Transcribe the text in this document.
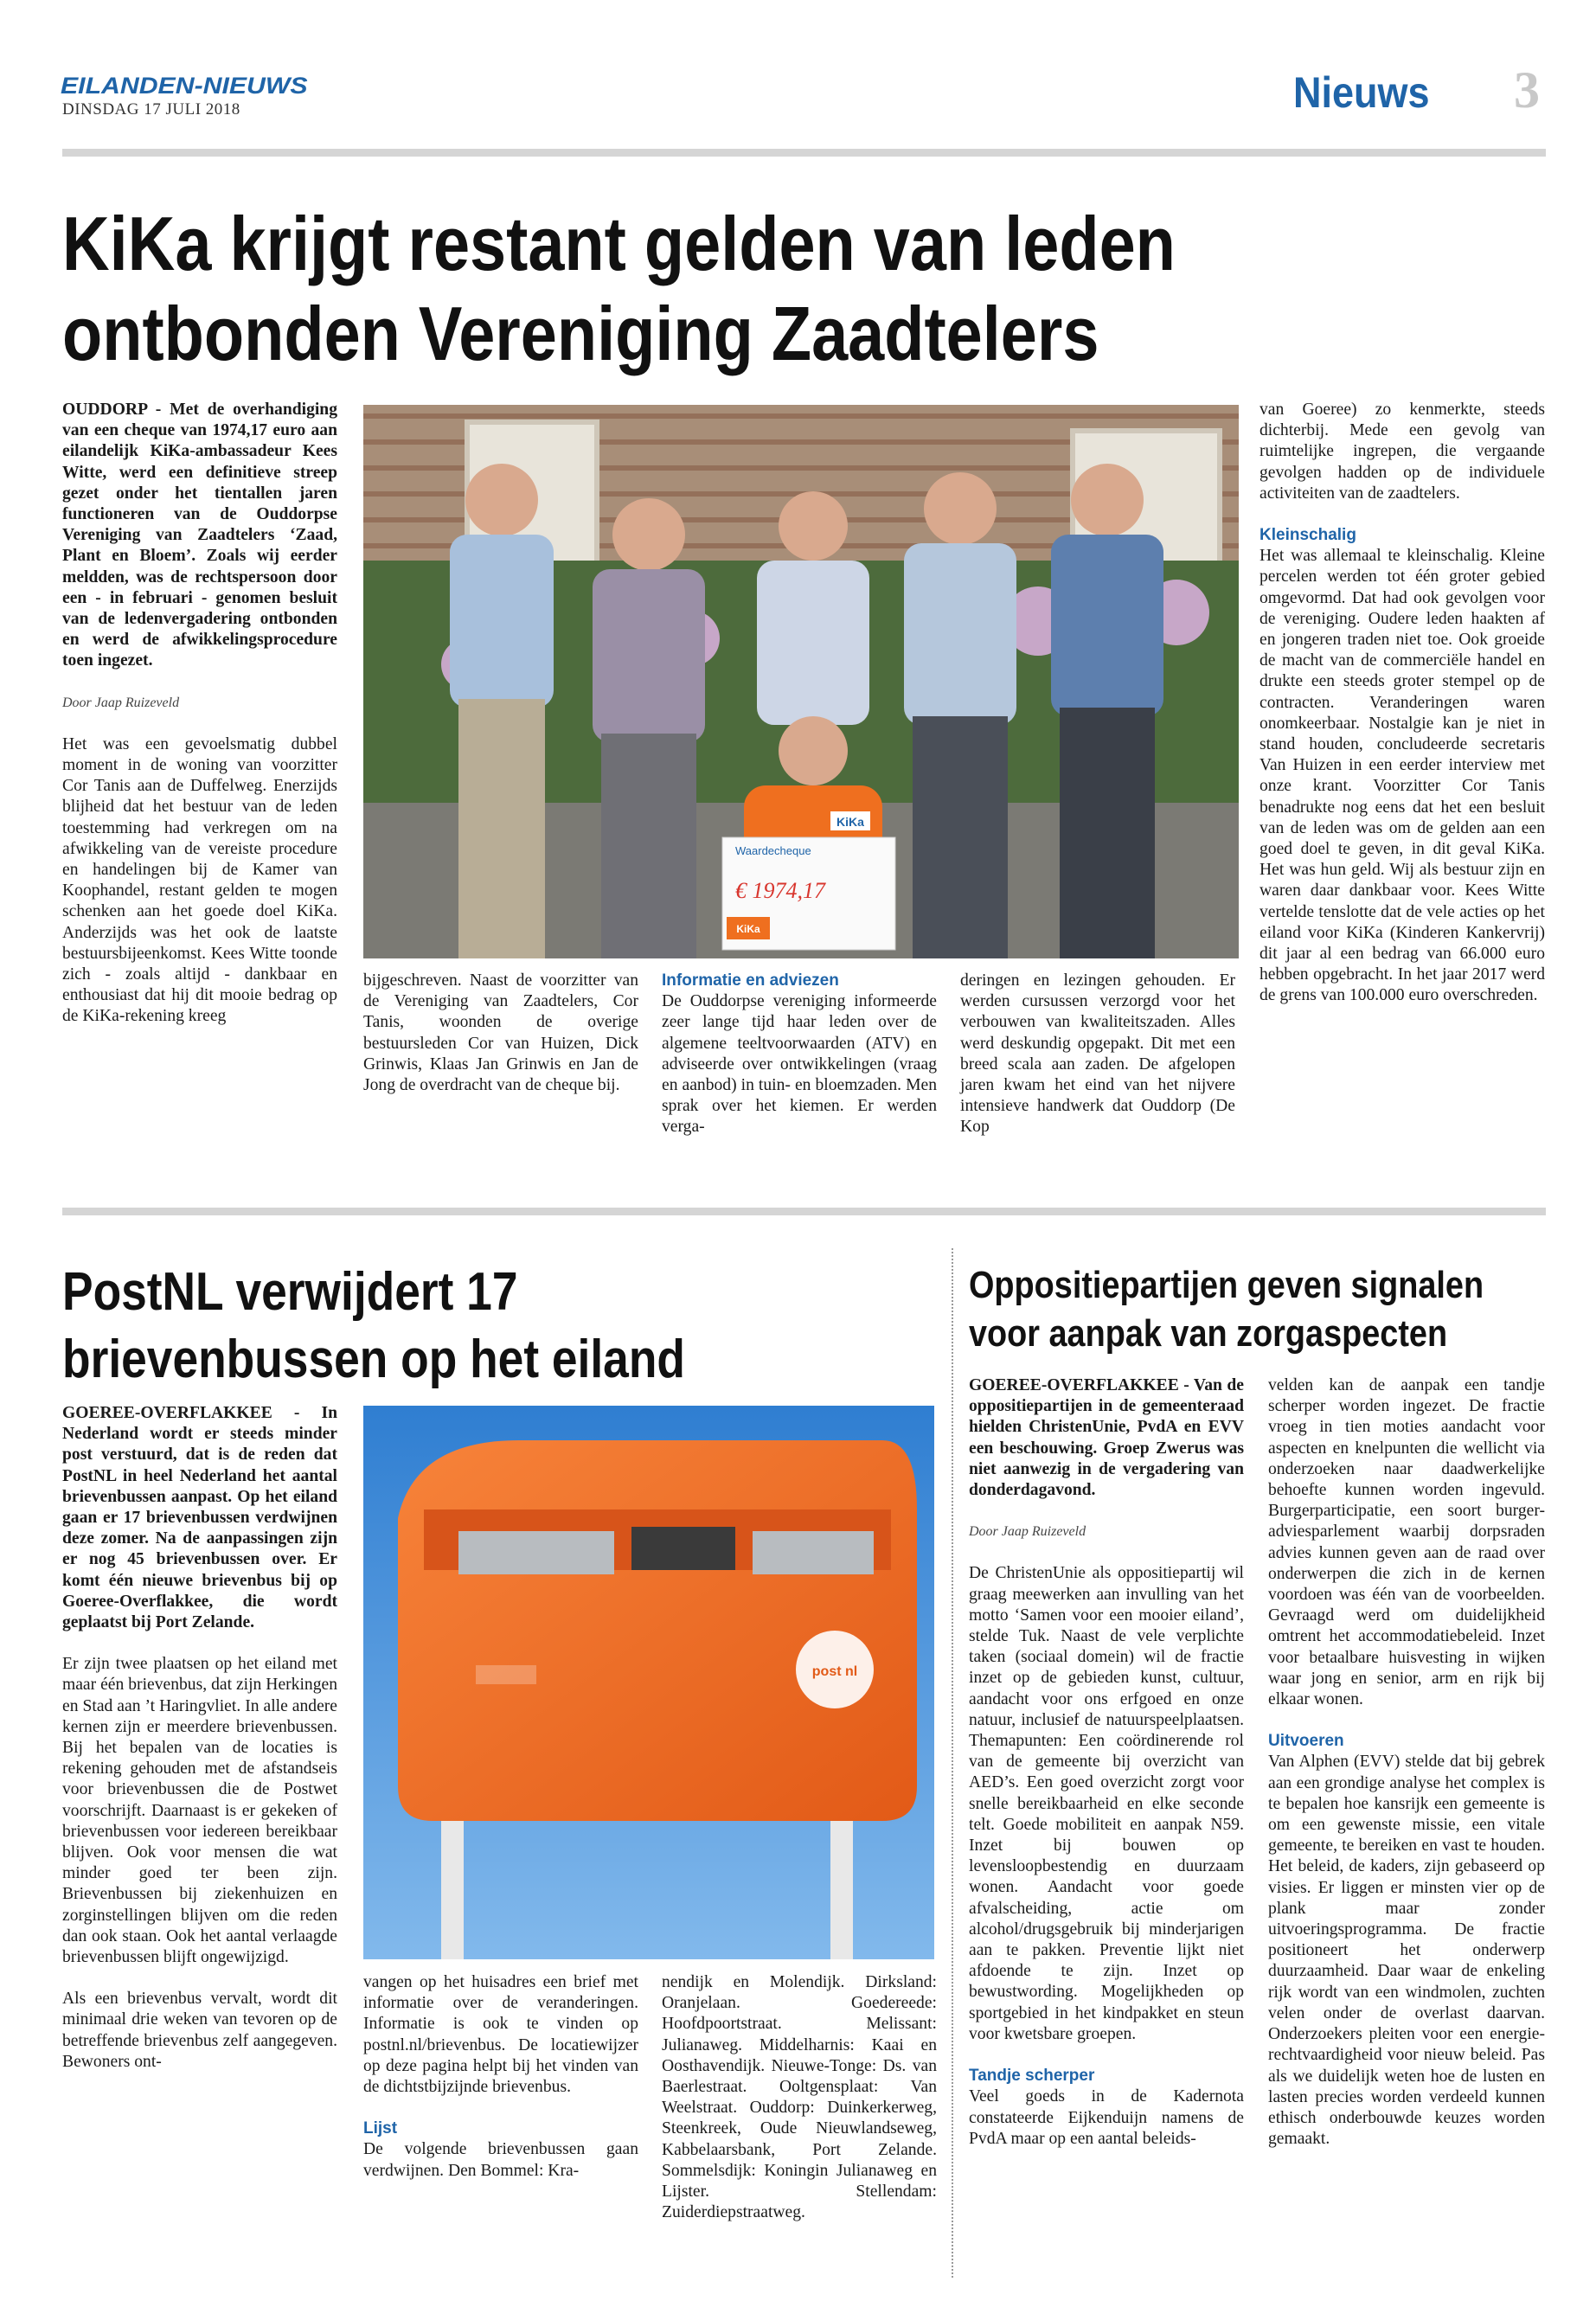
EILANDEN-NIEUWS
DINSDAG 17 JULI 2018	Nieuws 3
KiKa krijgt restant gelden van leden
ontbonden Vereniging Zaadtelers

OUDDORP - Met de overhandiging van een cheque van 1974,17 euro aan eilandelijk KiKa-ambassadeur Kees Witte, werd een definitieve streep gezet onder het tientallen jaren functioneren van de Ouddorpse Vereniging van Zaadtelers ‘Zaad, Plant en Bloem’. Zoals wij eerder meldden, was de rechtspersoon door een - in februari - genomen besluit van de ledenvergadering ontbonden en werd de afwikkelingsprocedure toen ingezet.

Door Jaap Ruizeveld

Het was een gevoelsmatig dubbel moment in de woning van voorzitter Cor Tanis aan de Duffelweg. Enerzijds blijheid dat het bestuur van de leden toestemming had verkregen om na afwikkeling van de vereiste procedure en handelingen bij de Kamer van Koophandel, restant gelden te mogen schenken aan het goede doel KiKa. Anderzijds was het ook de laatste bestuursbijeenkomst. Kees Witte toonde zich - zoals altijd - dankbaar en enthousiast dat hij dit mooie bedrag op de KiKa-rekening kreeg

KiKa
Waardecheque
€ 1974,17
KiKa

bijgeschreven. Naast de voorzitter van de Vereniging van Zaadtelers, Cor Tanis, woonden de overige bestuursleden Cor van Huizen, Dick Grinwis, Klaas Jan Grinwis en Jan de Jong de overdracht van de cheque bij.

Informatie en adviezen

De Ouddorpse vereniging informeerde zeer lange tijd haar leden over de algemene teeltvoorwaarden (ATV) en adviseerde over ontwikkelingen (vraag en aanbod) in tuin- en bloemzaden. Men sprak over het kiemen. Er werden verga-

deringen en lezingen gehouden. Er werden cursussen verzorgd voor het verbouwen van kwaliteitszaden. Alles werd deskundig opgepakt. Dit met een breed scala aan zaden. De afgelopen jaren kwam het eind van het nijvere intensieve handwerk dat Ouddorp (De Kop

van Goeree) zo kenmerkte, steeds dichterbij. Mede een gevolg van ruimtelijke ingrepen, die vergaande gevolgen hadden op de individuele activiteiten van de zaadtelers.

Kleinschalig

Het was allemaal te kleinschalig. Kleine percelen werden tot één groter gebied omgevormd. Dat had ook gevolgen voor de vereniging. Oudere leden haakten af en jongeren traden niet toe. Ook groeide de macht van de commerciële handel en drukte een steeds groter stempel op de contracten. Veranderingen waren onomkeerbaar. Nostalgie kan je niet in stand houden, concludeerde secretaris Van Huizen in een eerder interview met onze krant. Voorzitter Cor Tanis benadrukte nog eens dat het een besluit van de leden was om de gelden aan een goed doel te geven, in dit geval KiKa. Het was hun geld. Wij als bestuur zijn en waren daar dankbaar voor. Kees Witte vertelde tenslotte dat de vele acties op het eiland voor KiKa (Kinderen Kankervrij) dit jaar al een bedrag van 66.000 euro hebben opgebracht. In het jaar 2017 werd de grens van 100.000 euro overschreden.

PostNL verwijdert 17
brievenbussen op het eiland

GOEREE-OVERFLAKKEE - In Nederland wordt er steeds minder post verstuurd, dat is de reden dat PostNL in heel Nederland het aantal brievenbussen aanpast. Op het eiland gaan er 17 brievenbussen verdwijnen deze zomer. Na de aanpassingen zijn er nog 45 brievenbussen over. Er komt één nieuwe brievenbus bij op Goeree-Overflakkee, die wordt geplaatst bij Port Zelande.

Er zijn twee plaatsen op het eiland met maar één brievenbus, dat zijn Herkingen en Stad aan ’t Haringvliet. In alle andere kernen zijn er meerdere brievenbussen. Bij het bepalen van de locaties is rekening gehouden met de afstandseis voor brievenbussen die de Postwet voorschrijft. Daarnaast is er gekeken of brievenbussen voor iedereen bereikbaar blijven. Ook voor mensen die wat minder goed ter been zijn. Brievenbussen bij ziekenhuizen en zorginstellingen blijven om die reden dan ook staan. Ook het aantal verlaagde brievenbussen blijft ongewijzigd.

Als een brievenbus vervalt, wordt dit minimaal drie weken van tevoren op de betreffende brievenbus zelf aangegeven. Bewoners ont-

post nl

vangen op het huisadres een brief met informatie over de veranderingen. Informatie is ook te vinden op postnl.nl/brievenbus. De locatiewijzer op deze pagina helpt bij het vinden van de dichtstbijzijnde brievenbus.

Lijst

De volgende brievenbussen gaan verdwijnen. Den Bommel: Kra-

nendijk en Molendijk. Dirksland: Oranjelaan. Goedereede: Hoofdpoortstraat. Melissant: Julianaweg. Middelharnis: Kaai en Oosthavendijk. Nieuwe-Tonge: Ds. van Baerlestraat. Ooltgensplaat: Van Weelstraat. Ouddorp: Duinkerkerweg, Steenkreek, Oude Nieuwlandseweg, Kabbelaarsbank, Port Zelande. Sommelsdijk: Koningin Julianaweg en Lijster. Stellendam: Zuiderdiepstraatweg.

Oppositiepartijen geven signalen
voor aanpak van zorgaspecten

GOEREE-OVERFLAKKEE - Van de oppositiepartijen in de gemeenteraad hielden ChristenUnie, PvdA en EVV een beschouwing. Groep Zwerus was niet aanwezig in de vergadering van donderdagavond.

Door Jaap Ruizeveld

De ChristenUnie als oppositiepartij wil graag meewerken aan invulling van het motto ‘Samen voor een mooier eiland’, stelde Tuk. Naast de vele verplichte taken (sociaal domein) wil de fractie inzet op de gebieden kunst, cultuur, aandacht voor ons erfgoed en onze natuur, inclusief de natuurspeelplaatsen. Themapunten: Een coördinerende rol van de gemeente bij overzicht van AED’s. Een goed overzicht zorgt voor snelle bereikbaarheid en elke seconde telt. Goede mobiliteit en aanpak N59. Inzet bij bouwen op levensloopbestendig en duurzaam wonen. Aandacht voor goede afvalscheiding, actie om alcohol/drugsgebruik bij minderjarigen aan te pakken. Preventie lijkt niet afdoende te zijn. Inzet op bewustwording. Mogelijkheden op sportgebied in het kindpakket en steun voor kwetsbare groepen.

Tandje scherper

Veel goeds in de Kadernota constateerde Eijkenduijn namens de PvdA maar op een aantal beleids-

velden kan de aanpak een tandje scherper worden ingezet. De fractie vroeg in tien moties aandacht voor aspecten en knelpunten die wellicht via onderzoeken naar daadwerkelijke behoefte kunnen worden ingevuld. Burgerparticipatie, een soort burger-adviesparlement waarbij dorpsraden advies kunnen geven aan de raad over onderwerpen die zich in de kernen voordoen was één van de voorbeelden. Gevraagd werd om duidelijkheid omtrent het accommodatiebeleid. Inzet voor betaalbare huisvesting in wijken waar jong en senior, arm en rijk bij elkaar wonen.

Uitvoeren

Van Alphen (EVV) stelde dat bij gebrek aan een grondige analyse het complex is te bepalen hoe kansrijk een gemeente is om een gewenste missie, een vitale gemeente, te bereiken en vast te houden. Het beleid, de kaders, zijn gebaseerd op visies. Er liggen er minsten vier op de plank maar zonder uitvoeringsprogramma. De fractie positioneert het onderwerp duurzaamheid. Daar waar de enkeling rijk wordt van een windmolen, zuchten velen onder de overlast daarvan. Onderzoekers pleiten voor een energie-rechtvaardigheid voor nieuw beleid. Pas als we duidelijk weten hoe de lusten en lasten precies worden verdeeld kunnen ethisch onderbouwde keuzes worden gemaakt.
